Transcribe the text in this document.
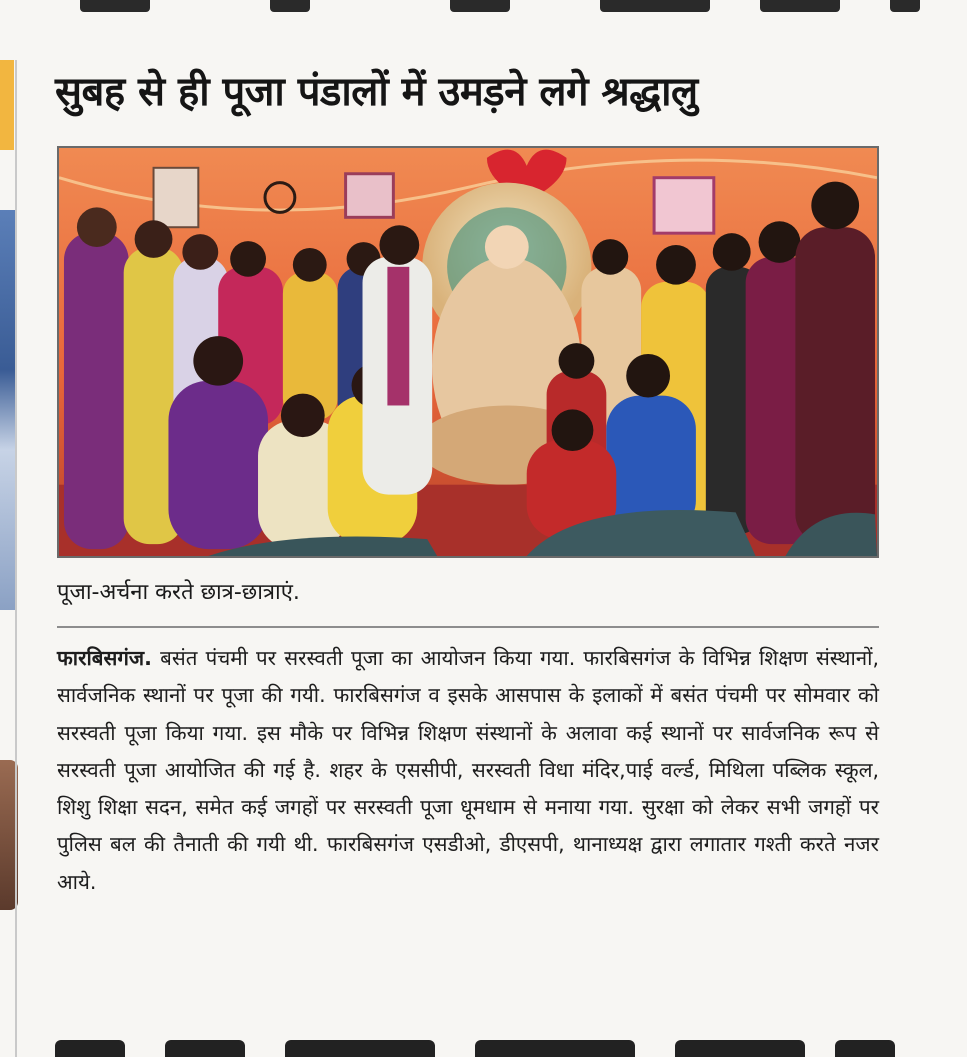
सुबह से ही पूजा पंडालों में उमड़ने लगे श्रद्धालु

पूजा-अर्चना करते छात्र-छात्राएं.

फारबिसगंज. बसंत पंचमी पर सरस्वती पूजा का आयोजन किया गया. फारबिसगंज के विभिन्न शिक्षण संस्थानों, सार्वजनिक स्थानों पर पूजा की गयी. फारबिसगंज व इसके आसपास के इलाकों में बसंत पंचमी पर सोमवार को सरस्वती पूजा किया गया. इस मौके पर विभिन्न शिक्षण संस्थानों के अलावा कई स्थानों पर सार्वजनिक रूप से सरस्वती पूजा आयोजित की गई है. शहर के एससीपी, सरस्वती विधा मंदिर,पाई वर्ल्ड, मिथिला पब्लिक स्कूल, शिशु शिक्षा सदन, समेत कई जगहों पर सरस्वती पूजा धूमधाम से मनाया गया. सुरक्षा को लेकर सभी जगहों पर पुलिस बल की तैनाती की गयी थी. फारबिसगंज एसडीओ, डीएसपी, थानाध्यक्ष द्वारा लगातार गश्ती करते नजर आये.
